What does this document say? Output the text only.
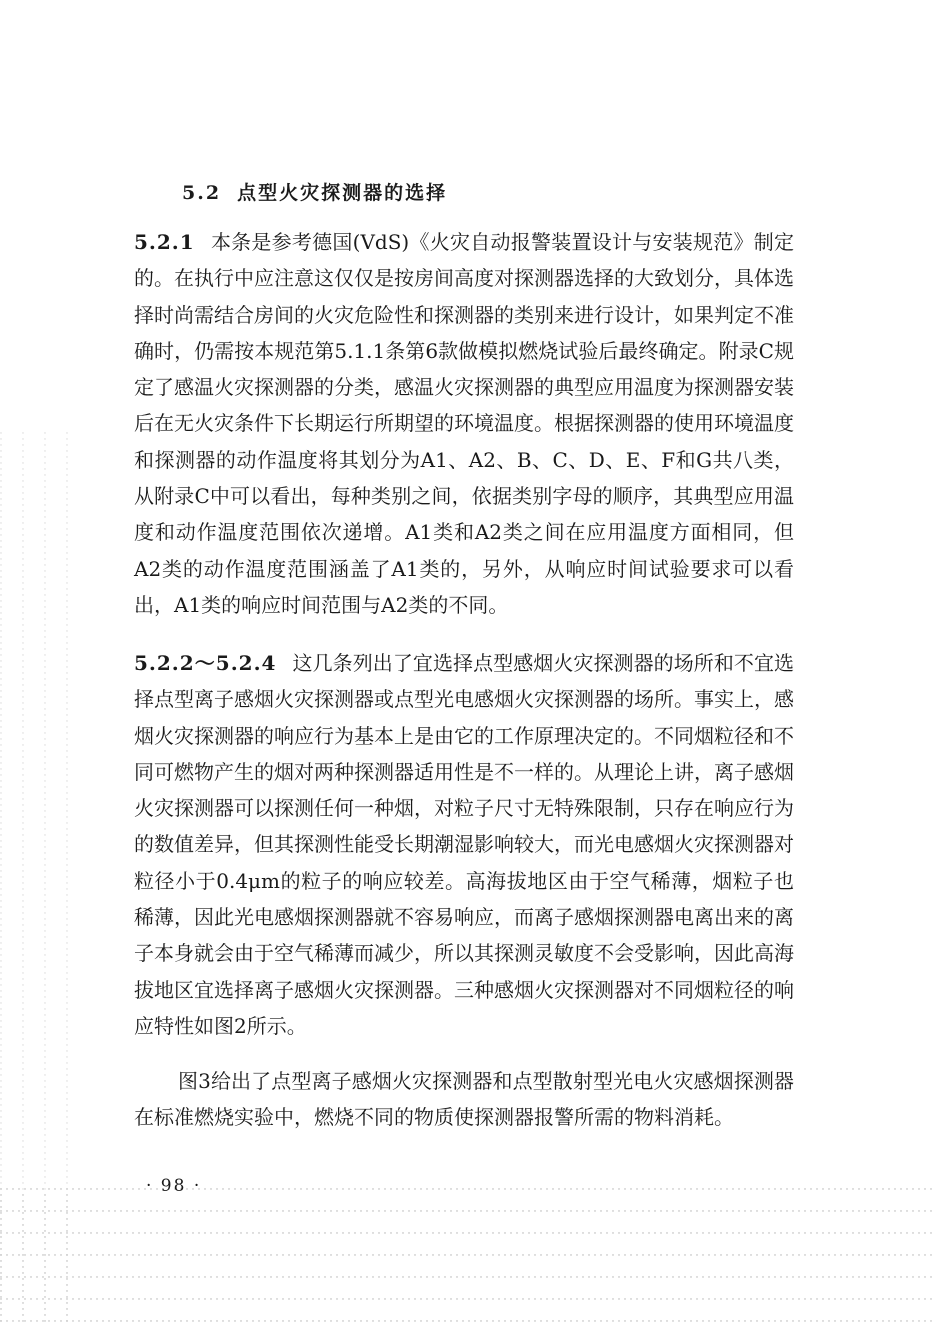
5.2 点型火灾探测器的选择

5.2.1 本条是参考德国(VdS)《火灾自动报警装置设计与安装规范》制定的。在执行中应注意这仅仅是按房间高度对探测器选择的大致划分，具体选择时尚需结合房间的火灾危险性和探测器的类别来进行设计，如果判定不准确时，仍需按本规范第5.1.1条第6款做模拟燃烧试验后最终确定。附录C规定了感温火灾探测器的分类，感温火灾探测器的典型应用温度为探测器安装后在无火灾条件下长期运行所期望的环境温度。根据探测器的使用环境温度和探测器的动作温度将其划分为A1、A2、B、C、D、E、F和G共八类，从附录C中可以看出，每种类别之间，依据类别字母的顺序，其典型应用温度和动作温度范围依次递增。A1类和A2类之间在应用温度方面相同，但A2类的动作温度范围涵盖了A1类的，另外，从响应时间试验要求可以看出，A1类的响应时间范围与A2类的不同。

5.2.2～5.2.4 这几条列出了宜选择点型感烟火灾探测器的场所和不宜选择点型离子感烟火灾探测器或点型光电感烟火灾探测器的场所。事实上，感烟火灾探测器的响应行为基本上是由它的工作原理决定的。不同烟粒径和不同可燃物产生的烟对两种探测器适用性是不一样的。从理论上讲，离子感烟火灾探测器可以探测任何一种烟，对粒子尺寸无特殊限制，只存在响应行为的数值差异，但其探测性能受长期潮湿影响较大，而光电感烟火灾探测器对粒径小于0.4μm的粒子的响应较差。高海拔地区由于空气稀薄，烟粒子也稀薄，因此光电感烟探测器就不容易响应，而离子感烟探测器电离出来的离子本身就会由于空气稀薄而减少，所以其探测灵敏度不会受影响，因此高海拔地区宜选择离子感烟火灾探测器。三种感烟火灾探测器对不同烟粒径的响应特性如图2所示。

图3给出了点型离子感烟火灾探测器和点型散射型光电火灾感烟探测器在标准燃烧实验中，燃烧不同的物质使探测器报警所需的物料消耗。

· 98 ·
